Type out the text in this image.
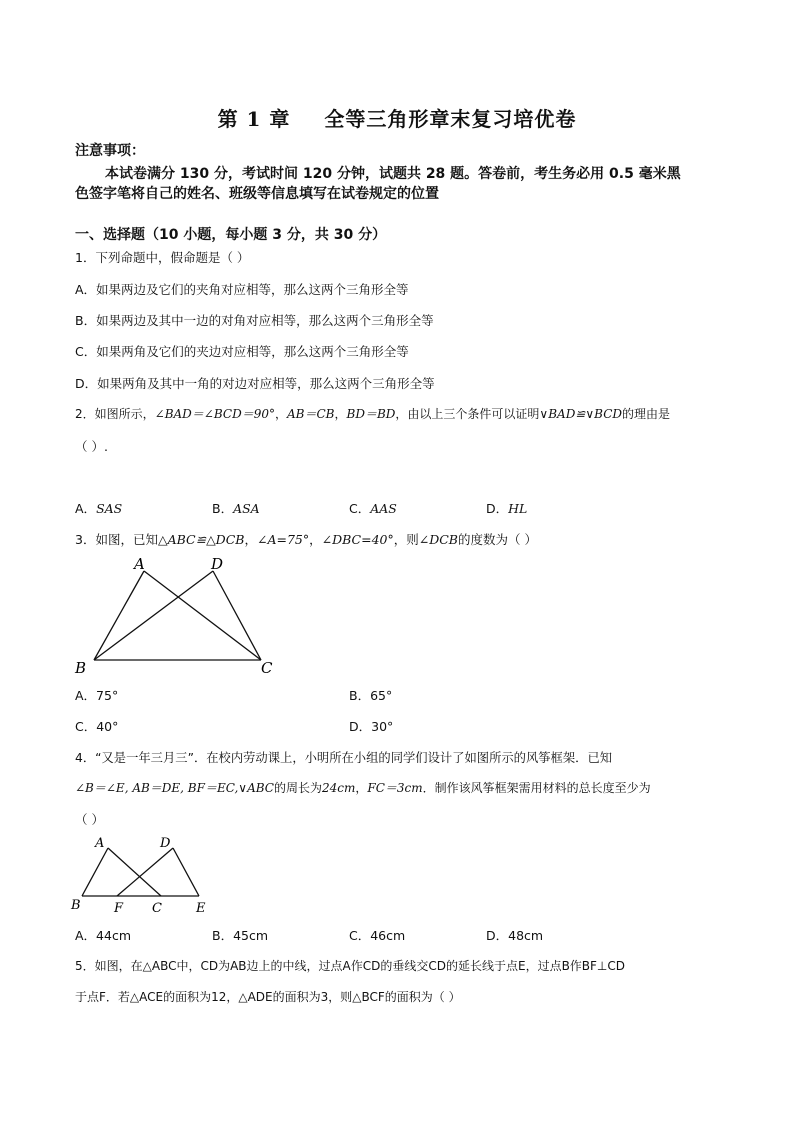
第 1 章 全等三角形章末复习培优卷
注意事项：
本试卷满分 130 分，考试时间 120 分钟，试题共 28 题。答卷前，考生务必用 0.5 毫米黑
色签字笔将自己的姓名、班级等信息填写在试卷规定的位置
一、选择题（10 小题，每小题 3 分，共 30 分）
1．下列命题中，假命题是（ ）
A．如果两边及它们的夹角对应相等，那么这两个三角形全等
B．如果两边及其中一边的对角对应相等，那么这两个三角形全等
C．如果两角及它们的夹边对应相等，那么这两个三角形全等
D．如果两角及其中一角的对边对应相等，那么这两个三角形全等
2．如图所示，∠BAD＝∠BCD＝90°，AB＝CB，BD＝BD，由以上三个条件可以证明∨BAD≌∨BCD的理由是
（ ）.
A．SAS	B．ASA	C．AAS	D．HL
3．如图，已知△ABC≌△DCB，∠A=75°，∠DBC=40°，则∠DCB的度数为（ ）
A	D
B	C
A．75°	B．65°
C．40°	D．30°
4．“又是一年三月三”．在校内劳动课上，小明所在小组的同学们设计了如图所示的风筝框架．已知
∠B＝∠E, AB＝DE, BF＝EC,∨ABC的周长为24cm，FC＝3cm．制作该风筝框架需用材料的总长度至少为
（ ）
A	D
B	F C	E
A．44cm	B．45cm	C．46cm	D．48cm
5．如图，在△ABC中，CD为AB边上的中线，过点A作CD的垂线交CD的延长线于点E，过点B作BF⊥CD
于点F．若△ACE的面积为12，△ADE的面积为3，则△BCF的面积为（ ）
